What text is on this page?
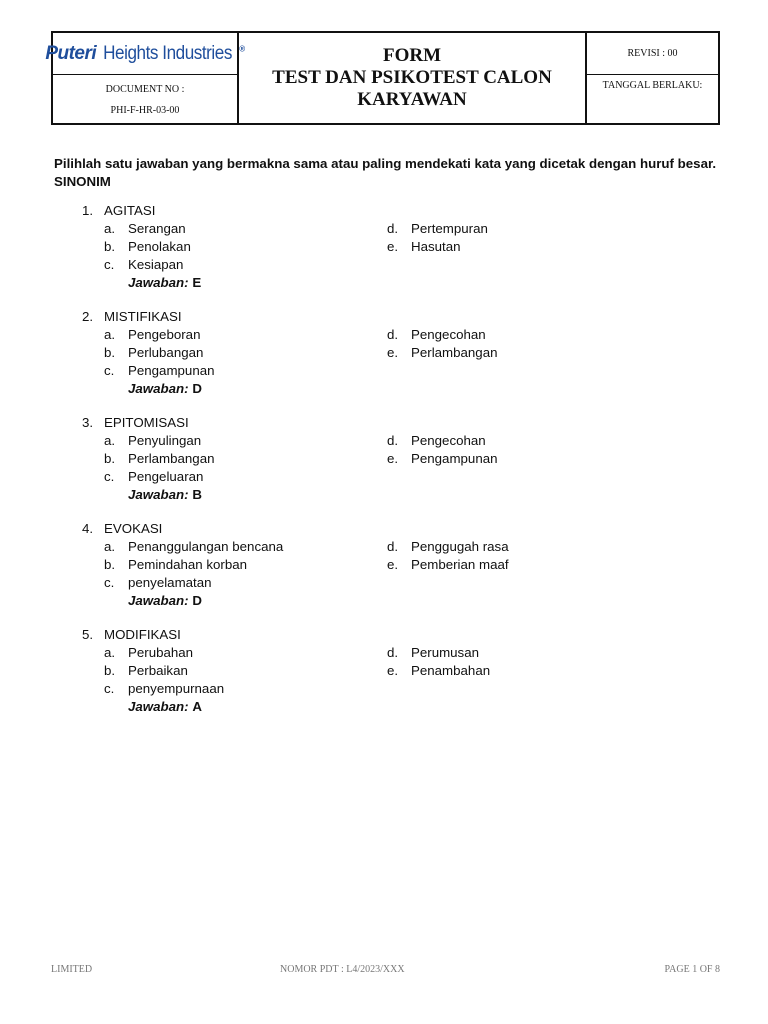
Puteri Heights Industries ®
DOCUMENT NO :
PHI-F-HR-03-00
FORM
TEST DAN PSIKOTEST CALON
KARYAWAN
REVISI : 00
TANGGAL BERLAKU:
Pilihlah satu jawaban yang bermakna sama atau paling mendekati kata yang dicetak dengan huruf besar. SINONIM
1. AGITASI
a. Serangan
b. Penolakan
c.	Kesiapan
d. Pertempuran
e. Hasutan
Jawaban: E
2. MISTIFIKASI
a. Pengeboran
b. Perlubangan
c.	Pengampunan
d. Pengecohan
e. Perlambangan
Jawaban: D
3. EPITOMISASI
a. Penyulingan
b. Perlambangan
c.	Pengeluaran
d. Pengecohan
e. Pengampunan
Jawaban: B
4. EVOKASI
a. Penanggulangan bencana
b. Pemindahan korban
c.	penyelamatan
d. Penggugah rasa
e. Pemberian maaf
Jawaban: D
5. MODIFIKASI
a. Perubahan
b. Perbaikan
c.	penyempurnaan
d. Perumusan
e. Penambahan
Jawaban: A
LIMITED	NOMOR PDT : L4/2023/XXX	PAGE 1 OF 8
